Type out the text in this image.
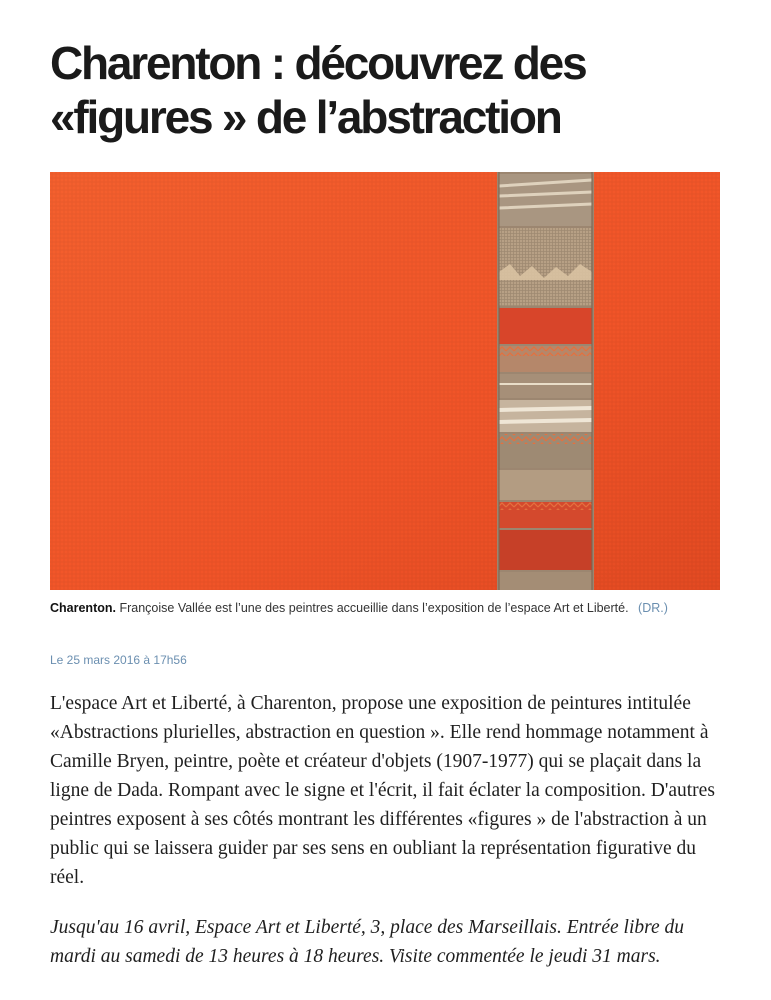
Charenton : découvrez des «figures » de l’abstraction
Charenton. Françoise Vallée est l’une des peintres accueillie dans l’exposition de l’espace Art et Liberté. (DR.)
Le 25 mars 2016 à 17h56

L'espace Art et Liberté, à Charenton, propose une exposition de peintures intitulée «Abstractions plurielles, abstraction en question ». Elle rend hommage notamment à Camille Bryen, peintre, poète et créateur d'objets (1907-1977) qui se plaçait dans la ligne de Dada. Rompant avec le signe et l'écrit, il fait éclater la composition. D'autres peintres exposent à ses côtés montrant les différentes «figures » de l'abstraction à un public qui se laissera guider par ses sens en oubliant la représentation figurative du réel.

Jusqu'au 16 avril, Espace Art et Liberté, 3, place des Marseillais. Entrée libre du mardi au samedi de 13 heures à 18 heures. Visite commentée le jeudi 31 mars.
